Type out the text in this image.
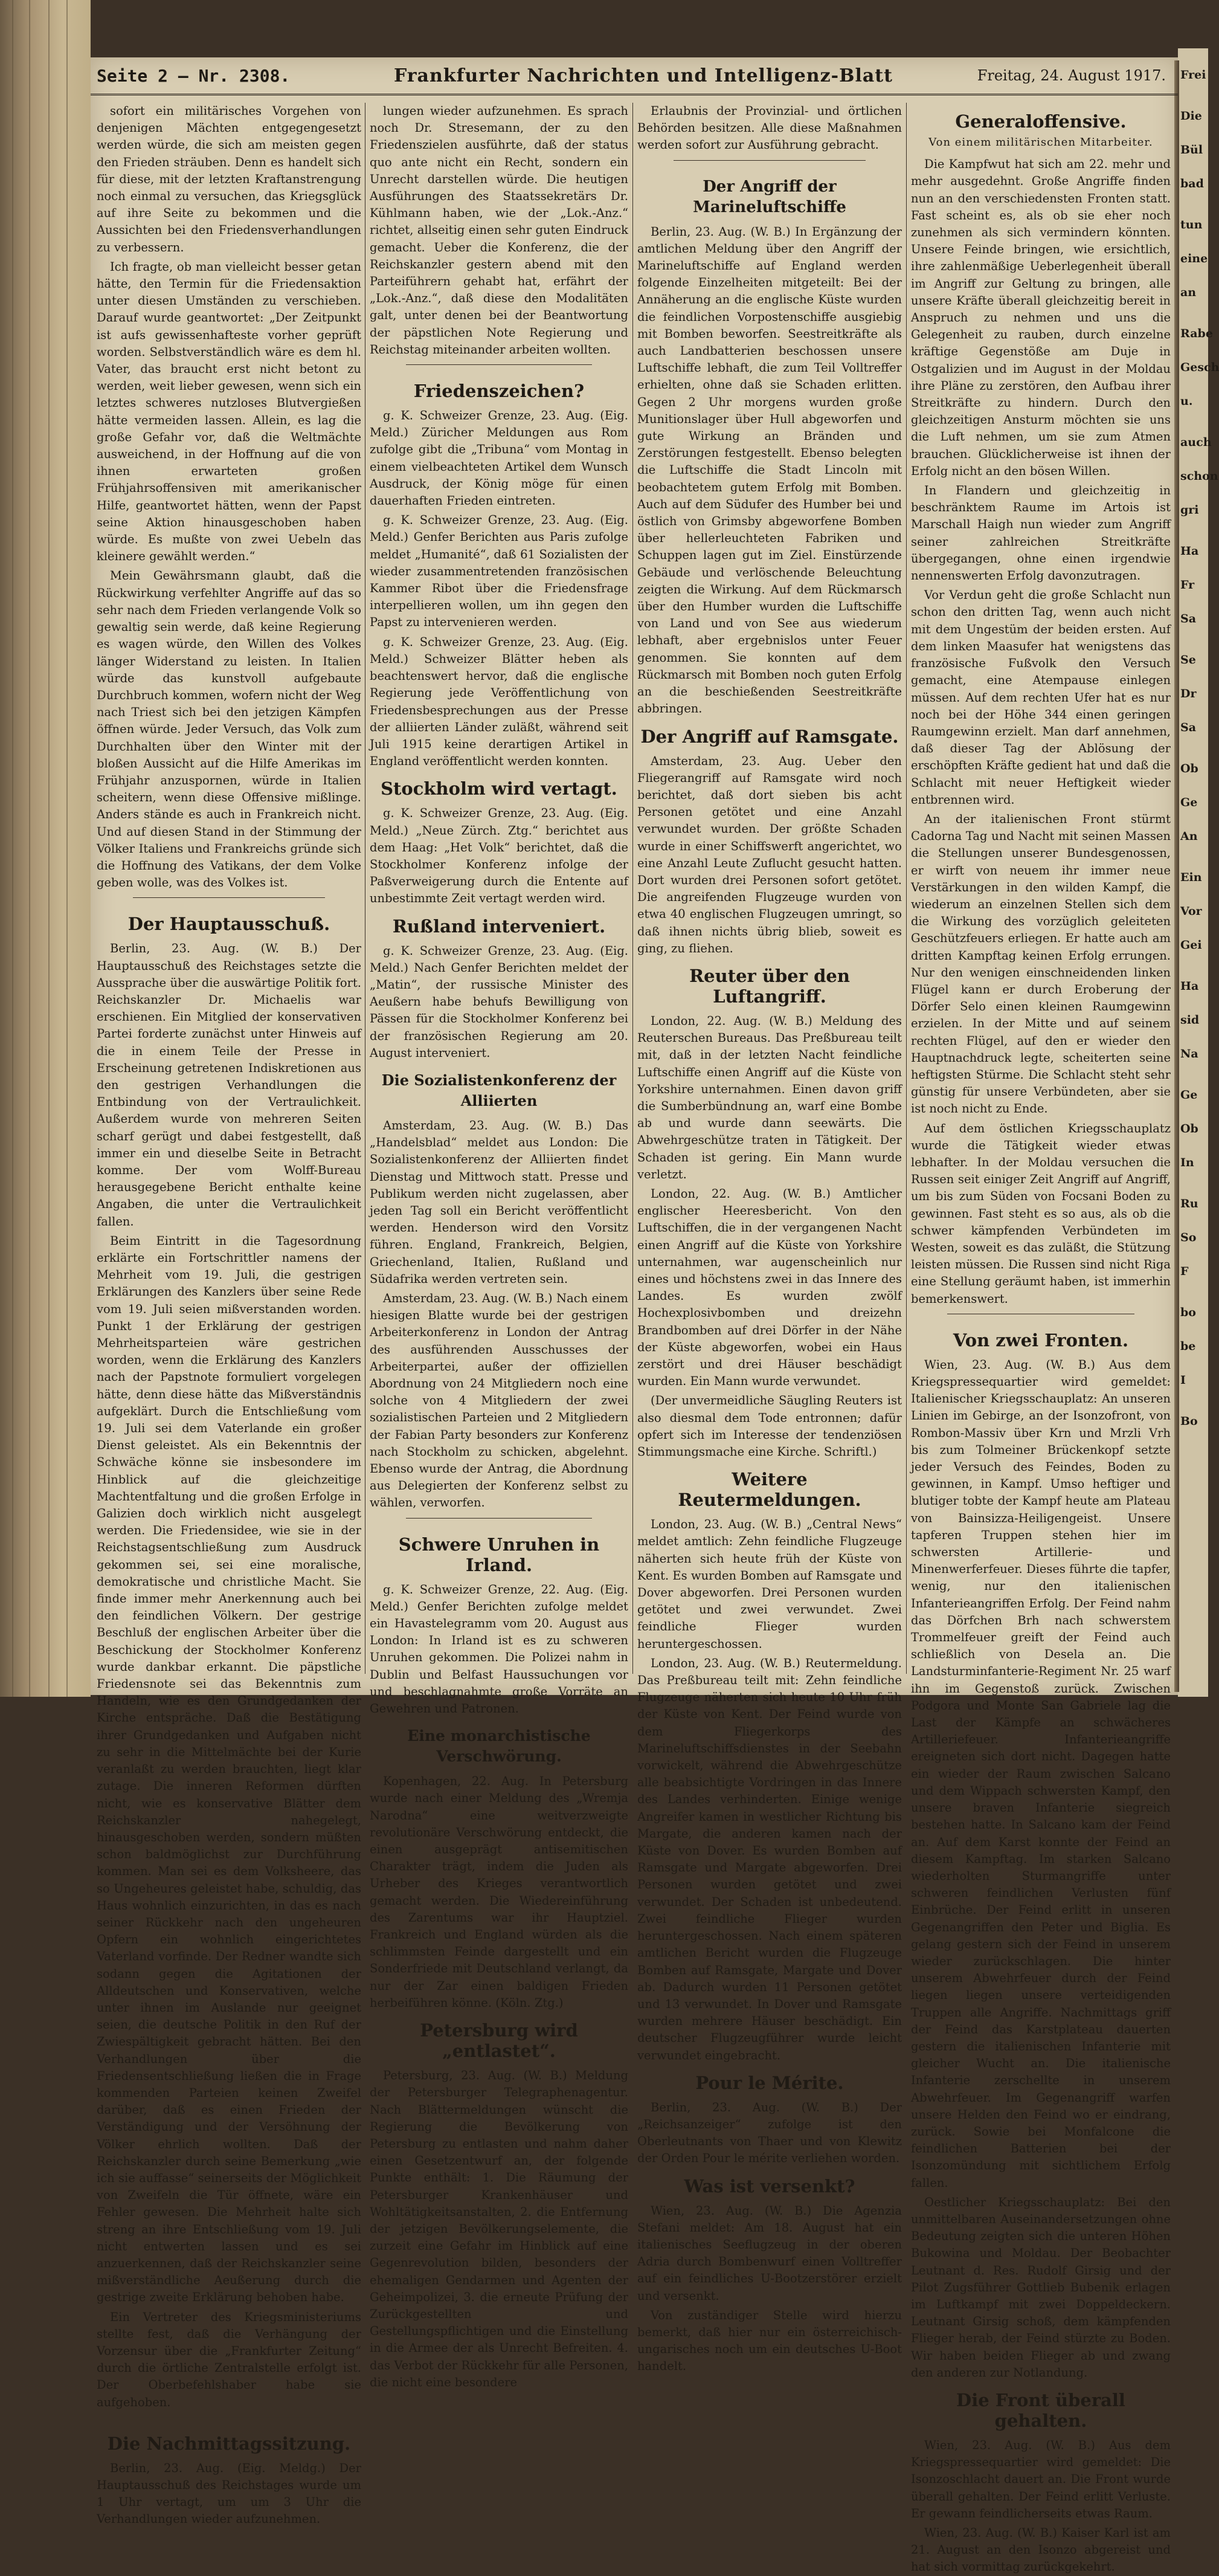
Seite 2 — Nr. 2308.	Frankfurter Nachrichten und Intelligenz-Blatt	Freitag, 24. August 1917.

sofort ein militärisches Vorgehen von denjenigen Mächten entgegengesetzt werden würde, die sich am meisten gegen den Frieden sträuben. Denn es handelt sich für diese, mit der letzten Kraftanstrengung noch einmal zu versuchen, das Kriegsglück auf ihre Seite zu bekommen und die Aussichten bei den Friedensverhandlungen zu verbessern.

Ich fragte, ob man vielleicht besser getan hätte, den Termin für die Friedensaktion unter diesen Umständen zu verschieben. Darauf wurde geantwortet: „Der Zeitpunkt ist aufs gewissenhafteste vorher geprüft worden. Selbstverständlich wäre es dem hl. Vater, das braucht erst nicht betont zu werden, weit lieber gewesen, wenn sich ein letztes schweres nutzloses Blutvergießen hätte vermeiden lassen. Allein, es lag die große Gefahr vor, daß die Weltmächte ausweichend, in der Hoffnung auf die von ihnen erwarteten großen Frühjahrsoffensiven mit amerikanischer Hilfe, geantwortet hätten, wenn der Papst seine Aktion hinausgeschoben haben würde. Es mußte von zwei Uebeln das kleinere gewählt werden.“

Mein Gewährsmann glaubt, daß die Rückwirkung verfehlter Angriffe auf das so sehr nach dem Frieden verlangende Volk so gewaltig sein werde, daß keine Regierung es wagen würde, den Willen des Volkes länger Widerstand zu leisten. In Italien würde das kunstvoll aufgebaute Durchbruch kommen, wofern nicht der Weg nach Triest sich bei den jetzigen Kämpfen öffnen würde. Jeder Versuch, das Volk zum Durchhalten über den Winter mit der bloßen Aussicht auf die Hilfe Amerikas im Frühjahr anzuspornen, würde in Italien scheitern, wenn diese Offensive mißlinge. Anders stände es auch in Frankreich nicht. Und auf diesen Stand in der Stimmung der Völker Italiens und Frankreichs gründe sich die Hoffnung des Vatikans, der dem Volke geben wolle, was des Volkes ist.

Der Hauptausschuß.

Berlin, 23. Aug. (W. B.) Der Hauptausschuß des Reichstages setzte die Aussprache über die auswärtige Politik fort. Reichskanzler Dr. Michaelis war erschienen. Ein Mitglied der konservativen Partei forderte zunächst unter Hinweis auf die in einem Teile der Presse in Erscheinung getretenen Indiskretionen aus den gestrigen Verhandlungen die Entbindung von der Vertraulichkeit. Außerdem wurde von mehreren Seiten scharf gerügt und dabei festgestellt, daß immer ein und dieselbe Seite in Betracht komme. Der vom Wolff-Bureau herausgegebene Bericht enthalte keine Angaben, die unter die Vertraulichkeit fallen.

Beim Eintritt in die Tagesordnung erklärte ein Fortschrittler namens der Mehrheit vom 19. Juli, die gestrigen Erklärungen des Kanzlers über seine Rede vom 19. Juli seien mißverstanden worden. Punkt 1 der Erklärung der gestrigen Mehrheitsparteien wäre gestrichen worden, wenn die Erklärung des Kanzlers nach der Papstnote formuliert vorgelegen hätte, denn diese hätte das Mißverständnis aufgeklärt. Durch die Entschließung vom 19. Juli sei dem Vaterlande ein großer Dienst geleistet. Als ein Bekenntnis der Schwäche könne sie insbesondere im Hinblick auf die gleichzeitige Machtentfaltung und die großen Erfolge in Galizien doch wirklich nicht ausgelegt werden. Die Friedensidee, wie sie in der Reichstagsentschließung zum Ausdruck gekommen sei, sei eine moralische, demokratische und christliche Macht. Sie finde immer mehr Anerkennung auch bei den feindlichen Völkern. Der gestrige Beschluß der englischen Arbeiter über die Beschickung der Stockholmer Konferenz wurde dankbar erkannt. Die päpstliche Friedensnote sei das Bekenntnis zum Handeln, wie es den Grundgedanken der Kirche entspräche. Daß die Bestätigung ihrer Grundgedanken und Aufgaben nicht zu sehr in die Mittelmächte bei der Kurie veranlaßt zu werden brauchten, liegt klar zutage. Die inneren Reformen dürften nicht, wie es konservative Blätter dem Reichskanzler nahegelegt, hinausgeschoben werden, sondern müßten schon baldmöglichst zur Durchführung kommen. Man sei es dem Volksheere, das so Ungeheures geleistet habe, schuldig, das Haus wohnlich einzurichten, in das es nach seiner Rückkehr nach den ungeheuren Opfern ein wohnlich eingerichtetes Vaterland vorfinde. Der Redner wandte sich sodann gegen die Agitationen der Alldeutschen und Konservativen, welche unter ihnen im Auslande nur geeignet seien, die deutsche Politik in den Ruf der Zwiespältigkeit gebracht hätten. Bei den Verhandlungen über die Friedensentschließung ließen die in Frage kommenden Parteien keinen Zweifel darüber, daß es einen Frieden der Verständigung und der Versöhnung der Völker ehrlich wollten. Daß der Reichskanzler durch seine Bemerkung „wie ich sie auffasse“ seinerseits der Möglichkeit von Zweifeln die Tür öffnete, wäre ein Fehler gewesen. Die Mehrheit halte sich streng an ihre Entschließung vom 19. Juli nicht entwerten lassen und es sei anzuerkennen, daß der Reichskanzler seine mißverständliche Aeußerung durch die gestrige zweite Erklärung behoben habe.

Ein Vertreter des Kriegsministeriums stellte fest, daß die Verhängung der Vorzensur über die „Frankfurter Zeitung“ durch die örtliche Zentralstelle erfolgt ist. Der Oberbefehlshaber habe sie aufgehoben.

Die Nachmittagssitzung.

Berlin, 23. Aug. (Eig. Meldg.) Der Hauptausschuß des Reichstages wurde um 1 Uhr vertagt, um um 3 Uhr die Verhandlungen wieder aufzunehmen.

lungen wieder aufzunehmen. Es sprach noch Dr. Stresemann, der zu den Friedenszielen ausführte, daß der status quo ante nicht ein Recht, sondern ein Unrecht darstellen würde. Die heutigen Ausführungen des Staatssekretärs Dr. Kühlmann haben, wie der „Lok.-Anz.“ richtet, allseitig einen sehr guten Eindruck gemacht. Ueber die Konferenz, die der Reichskanzler gestern abend mit den Parteiführern gehabt hat, erfährt der „Lok.-Anz.“, daß diese den Modalitäten galt, unter denen bei der Beantwortung der päpstlichen Note Regierung und Reichstag miteinander arbeiten wollten.

Friedenszeichen?

g. K. Schweizer Grenze, 23. Aug. (Eig. Meld.) Züricher Meldungen aus Rom zufolge gibt die „Tribuna“ vom Montag in einem vielbeachteten Artikel dem Wunsch Ausdruck, der König möge für einen dauerhaften Frieden eintreten.

g. K. Schweizer Grenze, 23. Aug. (Eig. Meld.) Genfer Berichten aus Paris zufolge meldet „Humanité“, daß 61 Sozialisten der wieder zusammentretenden französischen Kammer Ribot über die Friedensfrage interpellieren wollen, um ihn gegen den Papst zu intervenieren werden.

g. K. Schweizer Grenze, 23. Aug. (Eig. Meld.) Schweizer Blätter heben als beachtenswert hervor, daß die englische Regierung jede Veröffentlichung von Friedensbesprechungen aus der Presse der alliierten Länder zuläßt, während seit Juli 1915 keine derartigen Artikel in England veröffentlicht werden konnten.

Stockholm wird vertagt.

g. K. Schweizer Grenze, 23. Aug. (Eig. Meld.) „Neue Zürch. Ztg.“ berichtet aus dem Haag: „Het Volk“ berichtet, daß die Stockholmer Konferenz infolge der Paßverweigerung durch die Entente auf unbestimmte Zeit vertagt werden wird.

Rußland interveniert.

g. K. Schweizer Grenze, 23. Aug. (Eig. Meld.) Nach Genfer Berichten meldet der „Matin“, der russische Minister des Aeußern habe behufs Bewilligung von Pässen für die Stockholmer Konferenz bei der französischen Regierung am 20. August interveniert.

Die Sozialistenkonferenz der Alliierten

Amsterdam, 23. Aug. (W. B.) Das „Handelsblad“ meldet aus London: Die Sozialistenkonferenz der Alliierten findet Dienstag und Mittwoch statt. Presse und Publikum werden nicht zugelassen, aber jeden Tag soll ein Bericht veröffentlicht werden. Henderson wird den Vorsitz führen. England, Frankreich, Belgien, Griechenland, Italien, Rußland und Südafrika werden vertreten sein.

Amsterdam, 23. Aug. (W. B.) Nach einem hiesigen Blatte wurde bei der gestrigen Arbeiterkonferenz in London der Antrag des ausführenden Ausschusses der Arbeiterpartei, außer der offiziellen Abordnung von 24 Mitgliedern noch eine solche von 4 Mitgliedern der zwei sozialistischen Parteien und 2 Mitgliedern der Fabian Party besonders zur Konferenz nach Stockholm zu schicken, abgelehnt. Ebenso wurde der Antrag, die Abordnung aus Delegierten der Konferenz selbst zu wählen, verworfen.

Schwere Unruhen in Irland.

g. K. Schweizer Grenze, 22. Aug. (Eig. Meld.) Genfer Berichten zufolge meldet ein Havastelegramm vom 20. August aus London: In Irland ist es zu schweren Unruhen gekommen. Die Polizei nahm in Dublin und Belfast Haussuchungen vor und beschlagnahmte große Vorräte an Gewehren und Patronen.

Eine monarchistische Verschwörung.

Kopenhagen, 22. Aug. In Petersburg wurde nach einer Meldung des „Wremja Narodna“ eine weitverzweigte revolutionäre Verschwörung entdeckt, die einen ausgeprägt antisemitischen Charakter trägt, indem die Juden als Urheber des Krieges verantwortlich gemacht werden. Die Wiedereinführung des Zarentums war ihr Hauptziel. Frankreich und England würden als die schlimmsten Feinde dargestellt und ein Sonderfriede mit Deutschland verlangt, da nur der Zar einen baldigen Frieden herbeiführen könne. (Köln. Ztg.)

Petersburg wird „entlastet“.

Petersburg, 23. Aug. (W. B.) Meldung der Petersburger Telegraphenagentur. Nach Blättermeldungen wünscht die Regierung die Bevölkerung von Petersburg zu entlasten und nahm daher einen Gesetzentwurf an, der folgende Punkte enthält: 1. Die Räumung der Petersburger Krankenhäuser und Wohltätigkeitsanstalten, 2. die Entfernung der jetzigen Bevölkerungselemente, die zurzeit eine Gefahr im Hinblick auf eine Gegenrevolution bilden, besonders der ehemaligen Gendarmen und Agenten der Geheimpolizei, 3. die erneute Prüfung der Zurückgestellten und Gestellungspflichtigen und die Einstellung in die Armee der als Unrecht Befreiten. 4. das Verbot der Rückkehr für alle Personen, die nicht eine besondere

Erlaubnis der Provinzial- und örtlichen Behörden besitzen. Alle diese Maßnahmen werden sofort zur Ausführung gebracht.

Der Angriff der Marineluftschiffe

Berlin, 23. Aug. (W. B.) In Ergänzung der amtlichen Meldung über den Angriff der Marineluftschiffe auf England werden folgende Einzelheiten mitgeteilt: Bei der Annäherung an die englische Küste wurden die feindlichen Vorpostenschiffe ausgiebig mit Bomben beworfen. Seestreitkräfte als auch Landbatterien beschossen unsere Luftschiffe lebhaft, die zum Teil Volltreffer erhielten, ohne daß sie Schaden erlitten. Gegen 2 Uhr morgens wurden große Munitionslager über Hull abgeworfen und gute Wirkung an Bränden und Zerstörungen festgestellt. Ebenso belegten die Luftschiffe die Stadt Lincoln mit beobachtetem gutem Erfolg mit Bomben. Auch auf dem Südufer des Humber bei und östlich von Grimsby abgeworfene Bomben über hellerleuchteten Fabriken und Schuppen lagen gut im Ziel. Einstürzende Gebäude und verlöschende Beleuchtung zeigten die Wirkung. Auf dem Rückmarsch über den Humber wurden die Luftschiffe von Land und von See aus wiederum lebhaft, aber ergebnislos unter Feuer genommen. Sie konnten auf dem Rückmarsch mit Bomben noch guten Erfolg an die beschießenden Seestreitkräfte abbringen.

Der Angriff auf Ramsgate.

Amsterdam, 23. Aug. Ueber den Fliegerangriff auf Ramsgate wird noch berichtet, daß dort sieben bis acht Personen getötet und eine Anzahl verwundet wurden. Der größte Schaden wurde in einer Schiffswerft angerichtet, wo eine Anzahl Leute Zuflucht gesucht hatten. Dort wurden drei Personen sofort getötet. Die angreifenden Flugzeuge wurden von etwa 40 englischen Flugzeugen umringt, so daß ihnen nichts übrig blieb, soweit es ging, zu fliehen.

Reuter über den Luftangriff.

London, 22. Aug. (W. B.) Meldung des Reuterschen Bureaus. Das Preßbureau teilt mit, daß in der letzten Nacht feindliche Luftschiffe einen Angriff auf die Küste von Yorkshire unternahmen. Einen davon griff die Sumberbündnung an, warf eine Bombe ab und wurde dann seewärts. Die Abwehrgeschütze traten in Tätigkeit. Der Schaden ist gering. Ein Mann wurde verletzt.

London, 22. Aug. (W. B.) Amtlicher englischer Heeresbericht. Von den Luftschiffen, die in der vergangenen Nacht einen Angriff auf die Küste von Yorkshire unternahmen, war augenscheinlich nur eines und höchstens zwei in das Innere des Landes. Es wurden zwölf Hochexplosivbomben und dreizehn Brandbomben auf drei Dörfer in der Nähe der Küste abgeworfen, wobei ein Haus zerstört und drei Häuser beschädigt wurden. Ein Mann wurde verwundet.

(Der unvermeidliche Säugling Reuters ist also diesmal dem Tode entronnen; dafür opfert sich im Interesse der tendenziösen Stimmungsmache eine Kirche. Schriftl.)

Weitere Reutermeldungen.

London, 23. Aug. (W. B.) „Central News“ meldet amtlich: Zehn feindliche Flugzeuge näherten sich heute früh der Küste von Kent. Es wurden Bomben auf Ramsgate und Dover abgeworfen. Drei Personen wurden getötet und zwei verwundet. Zwei feindliche Flieger wurden heruntergeschossen.

London, 23. Aug. (W. B.) Reutermeldung. Das Preßbureau teilt mit: Zehn feindliche Flugzeuge näherten sich heute 10 Uhr früh der Küste von Kent. Der Feind wurde von dem Fliegerkorps des Marineluftschiffsdienstes in der Seebahn vorwickelt, während die Abwehrgeschütze alle beabsichtigte Vordringen in das Innere des Landes verhinderten. Einige wenige Angreifer kamen in westlicher Richtung bis Margate, die anderen kamen nach der Küste von Dover. Es wurden Bomben auf Ramsgate und Margate abgeworfen. Drei Personen wurden getötet und zwei verwundet. Der Schaden ist unbedeutend. Zwei feindliche Flieger wurden heruntergeschossen. Nach einem späteren amtlichen Bericht wurden die Flugzeuge Bomben auf Ramsgate, Margate und Dover ab. Dadurch wurden 11 Personen getötet und 13 verwundet. In Dover und Ramsgate wurden mehrere Häuser beschädigt. Ein deutscher Flugzeugführer wurde leicht verwundet eingebracht.

Pour le Mérite.

Berlin, 23. Aug. (W. B.) Der „Reichsanzeiger“ zufolge ist den Oberleutnants von Thaer und von Klewitz der Orden Pour le mérite verliehen worden.

Was ist versenkt?

Wien, 23. Aug. (W. B.) Die Agenzia Stefani meldet: Am 18. August hat ein italienisches Seeflugzeug in der oberen Adria durch Bombenwurf einen Volltreffer auf ein feindliches U-Bootzerstörer erzielt und versenkt.

Von zuständiger Stelle wird hierzu bemerkt, daß hier nur ein österreichisch-ungarisches noch um ein deutsches U-Boot handelt.

Generaloffensive.
Von einem militärischen Mitarbeiter.

Die Kampfwut hat sich am 22. mehr und mehr ausgedehnt. Große Angriffe finden nun an den verschiedensten Fronten statt. Fast scheint es, als ob sie eher noch zunehmen als sich vermindern könnten. Unsere Feinde bringen, wie ersichtlich, ihre zahlenmäßige Ueberlegenheit überall im Angriff zur Geltung zu bringen, alle unsere Kräfte überall gleichzeitig bereit in Anspruch zu nehmen und uns die Gelegenheit zu rauben, durch einzelne kräftige Gegenstöße am Duje in Ostgalizien und im August in der Moldau ihre Pläne zu zerstören, den Aufbau ihrer Streitkräfte zu hindern. Durch den gleichzeitigen Ansturm möchten sie uns die Luft nehmen, um sie zum Atmen brauchen. Glücklicherweise ist ihnen der Erfolg nicht an den bösen Willen.

In Flandern und gleichzeitig in beschränktem Raume im Artois ist Marschall Haigh nun wieder zum Angriff seiner zahlreichen Streitkräfte übergegangen, ohne einen irgendwie nennenswerten Erfolg davonzutragen.

Vor Verdun geht die große Schlacht nun schon den dritten Tag, wenn auch nicht mit dem Ungestüm der beiden ersten. Auf dem linken Maasufer hat wenigstens das französische Fußvolk den Versuch gemacht, eine Atempause einlegen müssen. Auf dem rechten Ufer hat es nur noch bei der Höhe 344 einen geringen Raumgewinn erzielt. Man darf annehmen, daß dieser Tag der Ablösung der erschöpften Kräfte gedient hat und daß die Schlacht mit neuer Heftigkeit wieder entbrennen wird.

An der italienischen Front stürmt Cadorna Tag und Nacht mit seinen Massen die Stellungen unserer Bundesgenossen, er wirft von neuem ihr immer neue Verstärkungen in den wilden Kampf, die wiederum an einzelnen Stellen sich dem die Wirkung des vorzüglich geleiteten Geschützfeuers erliegen. Er hatte auch am dritten Kampftag keinen Erfolg errungen. Nur den wenigen einschneidenden linken Flügel kann er durch Eroberung der Dörfer Selo einen kleinen Raumgewinn erzielen. In der Mitte und auf seinem rechten Flügel, auf den er wieder den Hauptnachdruck legte, scheiterten seine heftigsten Stürme. Die Schlacht steht sehr günstig für unsere Verbündeten, aber sie ist noch nicht zu Ende.

Auf dem östlichen Kriegsschauplatz wurde die Tätigkeit wieder etwas lebhafter. In der Moldau versuchen die Russen seit einiger Zeit Angriff auf Angriff, um bis zum Süden von Focsani Boden zu gewinnen. Fast steht es so aus, als ob die schwer kämpfenden Verbündeten im Westen, soweit es das zuläßt, die Stützung leisten müssen. Die Russen sind nicht Riga eine Stellung geräumt haben, ist immerhin bemerkenswert.

Von zwei Fronten.

Wien, 23. Aug. (W. B.) Aus dem Kriegspressequartier wird gemeldet: Italienischer Kriegsschauplatz: An unseren Linien im Gebirge, an der Isonzofront, von Rombon-Massiv über Krn und Mrzli Vrh bis zum Tolmeiner Brückenkopf setzte jeder Versuch des Feindes, Boden zu gewinnen, in Kampf. Umso heftiger und blutiger tobte der Kampf heute am Plateau von Bainsizza-Heiligengeist. Unsere tapferen Truppen stehen hier im schwersten Artillerie- und Minenwerferfeuer. Dieses führte die tapfer, wenig, nur den italienischen Infanterieangriffen Erfolg. Der Feind nahm das Dörfchen Brh nach schwerstem Trommelfeuer greift der Feind auch schließlich von Desela an. Die Landsturminfanterie-Regiment Nr. 25 warf ihn im Gegenstoß zurück. Zwischen Podgora und Monte San Gabriele lag die Last der Kämpfe an schwächeres Artilleriefeuer. Infanterieangriffe ereigneten sich dort nicht. Dagegen hatte ein wieder der Raum zwischen Salcano und dem Wippach schwersten Kampf, den unsere braven Infanterie siegreich bestehen hatte. In Salcano kam der Feind an. Auf dem Karst konnte der Feind an diesem Kampftag. Im starken Salcano wiederholten Sturmangriffe unter schweren feindlichen Verlusten fünf Einbrüche. Der Feind erlitt in unseren Gegenangriffen den Peter und Biglia. Es gelang gestern sich der Feind in unserem wieder zurückschlagen. Die hinter unserem Abwehrfeuer durch der Feind liegen liegen unsere verteidigenden Truppen alle Angriffe. Nachmittags griff der Feind das Karstplateau dauerten gestern die italienischen Infanterie mit gleicher Wucht an. Die italienische Infanterie zerschellte in unserem Abwehrfeuer. Im Gegenangriff warfen unsere Helden den Feind wo er eindrang, zurück. Sowie bei Monfalcone die feindlichen Batterien bei der Isonzomündung mit sichtlichem Erfolg fallen.

Oestlicher Kriegsschauplatz: Bei den unmittelbaren Auseinandersetzungen ohne Bedeutung zeigten sich die unteren Höhen Bukowina und Moldau. Der Beobachter Leutnant d. Res. Rudolf Girsig und der Pilot Zugsführer Gottlieb Bubenik erlagen im Luftkampf mit zwei Doppeldeckern. Leutnant Girsig schoß, dem kämpfenden Flieger herab, der Feind stürzte zu Boden. Wir haben beiden Flieger ab und zwang den anderen zur Notlandung.

Die Front überall gehalten.

Wien, 23. Aug. (W. B.) Aus dem Kriegspressequartier wird gemeldet: Die Isonzoschlacht dauert an. Die Front wurde überall gehalten. Der Feind erlitt Verluste. Er gewann feindlicherseits etwas Raum.

Wien, 23. Aug. (W. B.) Kaiser Karl ist am 21. August an den Isonzo abgereist und hat sich vormittag zurückgekehrt.

Frei
Die
Bül
bad
tun
eine
an
Rabe
Gesch
u.
auch
schon
gri
Ha
Fr
Sa
Se
Dr
Sa
Ob
Ge
An
Ein
Vor
Gei
Ha
sid
Na
Ge
Ob
In
Ru
So
F
bo
be
I
Bo
